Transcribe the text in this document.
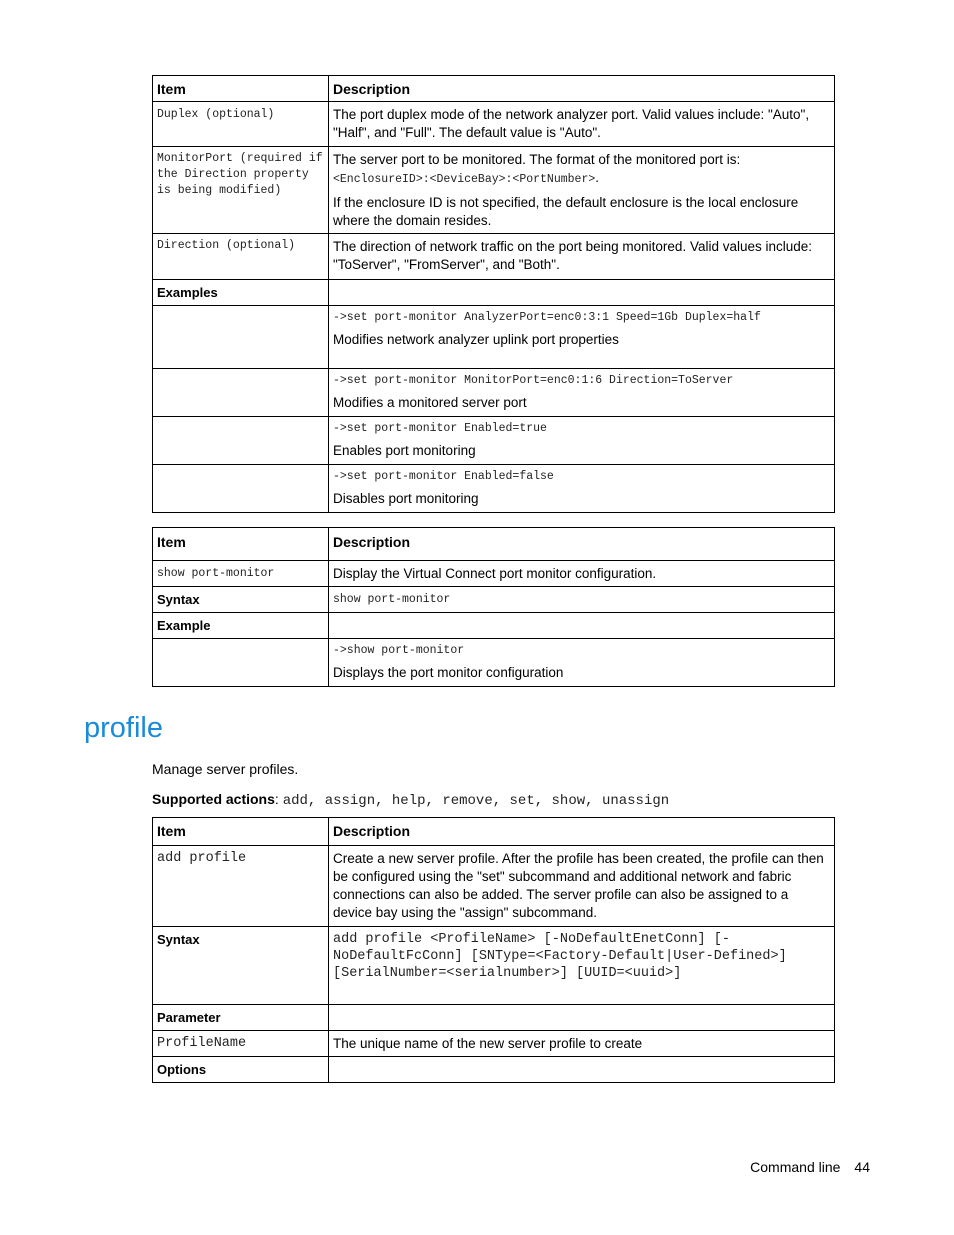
Item	Description
Duplex (optional)	The port duplex mode of the network analyzer port. Valid values include: "Auto", "Half", and "Full". The default value is "Auto".
MonitorPort (required if the Direction property is being modified)	The server port to be monitored. The format of the monitored port is:

<EnclosureID>:<DeviceBay>:<PortNumber>.

If the enclosure ID is not specified, the default enclosure is the local enclosure where the domain resides.

Direction (optional)	The direction of network traffic on the port being monitored. Valid values include: "ToServer", "FromServer", and "Both".
Examples	

	->set port-monitor AnalyzerPort=enc0:3:1 Speed=1Gb Duplex=half

Modifies network analyzer uplink port properties

	->set port-monitor MonitorPort=enc0:1:6 Direction=ToServer

Modifies a monitored server port

	->set port-monitor Enabled=true

Enables port monitoring

	->set port-monitor Enabled=false

Disables port monitoring

Item	Description
show port-monitor	Display the Virtual Connect port monitor configuration.
Syntax	show port-monitor
Example	

	->show port-monitor

Displays the port monitor configuration

profile

Manage server profiles.

Supported actions: add, assign, help, remove, set, show, unassign

Item	Description
add profile	Create a new server profile. After the profile has been created, the profile can then be configured using the "set" subcommand and additional network and fabric connections can also be added. The server profile can also be assigned to a device bay using the "assign" subcommand.
Syntax	add profile <ProfileName> [-NoDefaultEnetConn] [-NoDefaultFcConn] [SNType=<Factory-Default|User-Defined>] [SerialNumber=<serialnumber>] [UUID=<uuid>]
Parameter	
ProfileName	The unique name of the new server profile to create
Options	
Command line 44
